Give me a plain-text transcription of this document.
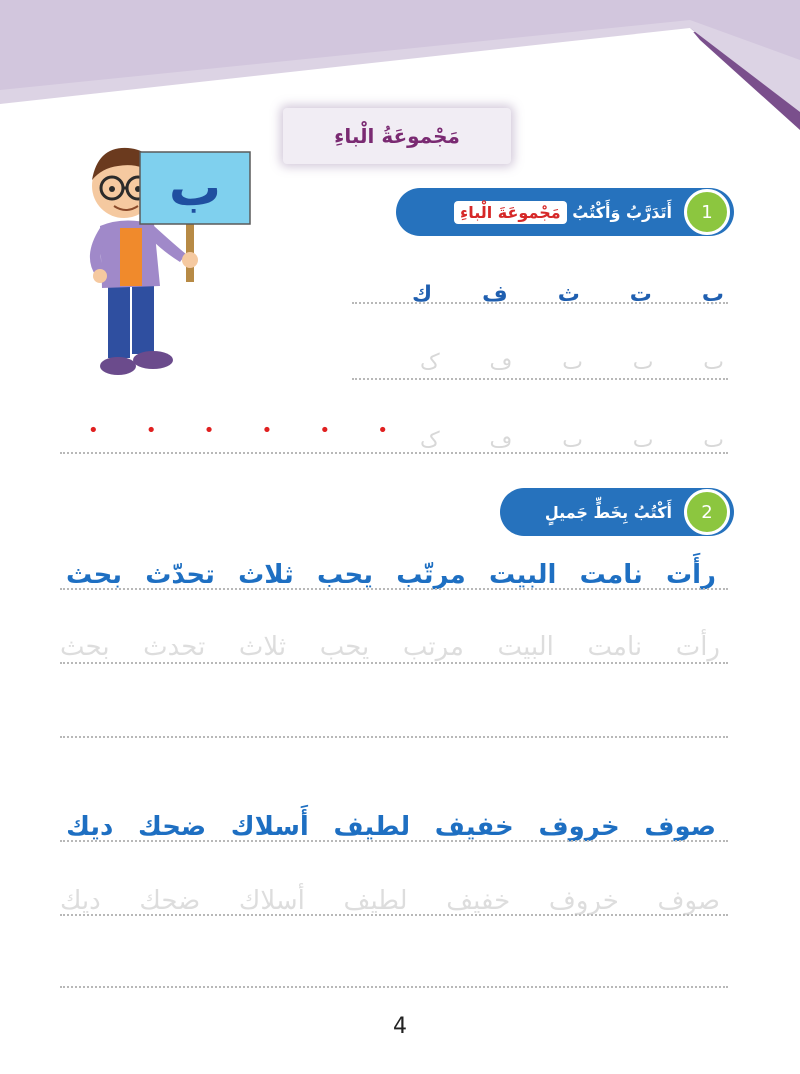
مَجْموعَةُ الْباءِ
ب	1
أَتَدَرَّبُ وَأَكْتُبُ مَجْموعَةَ الْباءِ
ب
ت
ث
ف
ك
ٮ
ٮ
ٮ
ڡ
ک
ٮ
ٮ
ٮ
ڡ
ک
•
•
•
•
•
•
2
أَكْتُبُ بِخَطٍّ جَميلٍ
رأَت
نامت
البيت
مرتّب
يحب
ثلاث
تحدّث
بحث
رأت نامت البيت مرتب يحب ثلاث تحدث بحث
صوف
خروف
خفيف
لطيف
أَسلاك
ضحك
ديك
صوف خروف خفيف لطيف أسلاك ضحك ديك
4
